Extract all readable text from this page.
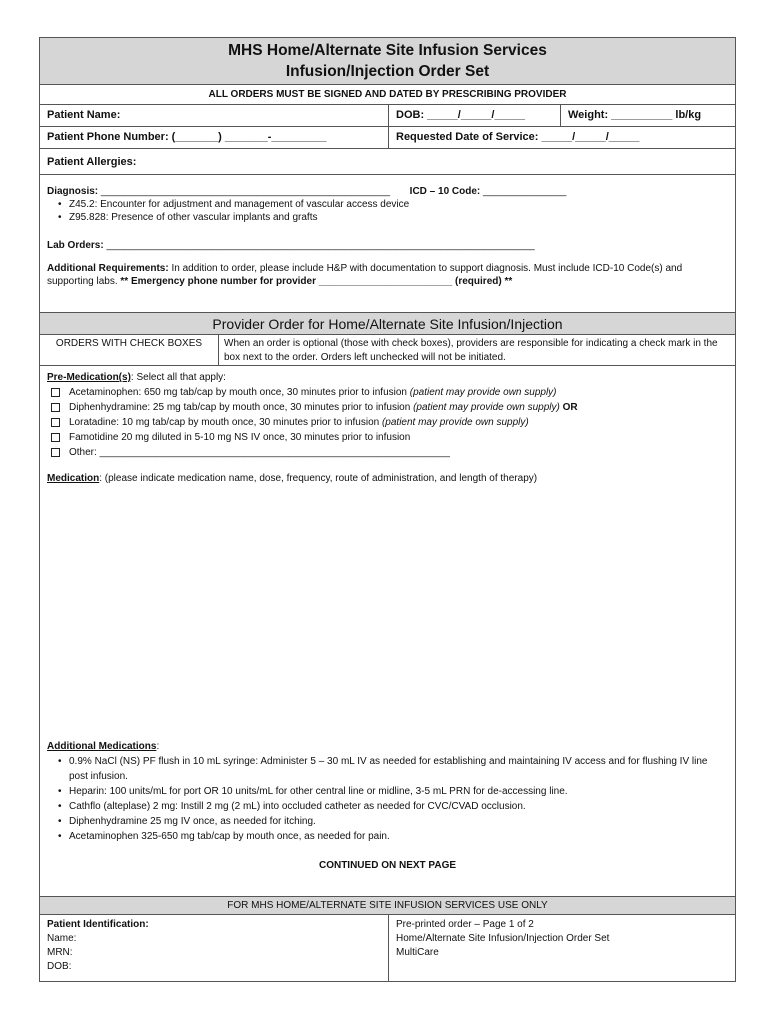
MHS Home/Alternate Site Infusion Services
Infusion/Injection Order Set
ALL ORDERS MUST BE SIGNED AND DATED BY PRESCRIBING PROVIDER
Patient Name:	DOB: _____/_____/_____	Weight: __________ lb/kg
Patient Phone Number: (_______) _______-_________	Requested Date of Service: _____/_____/_____
Patient Allergies:
Diagnosis: ____________________________________________________ ICD – 10 Code: _______________
• Z45.2: Encounter for adjustment and management of vascular access device
• Z95.828: Presence of other vascular implants and grafts
Lab Orders: _____________________________________________________________________________
Additional Requirements: In addition to order, please include H&P with documentation to support diagnosis. Must include ICD-10 Code(s) and supporting labs. ** Emergency phone number for provider ________________________ (required) **
Provider Order for Home/Alternate Site Infusion/Injection
ORDERS WITH CHECK BOXES	When an order is optional (those with check boxes), providers are responsible for indicating a check mark in the box next to the order. Orders left unchecked will not be initiated.
Pre-Medication(s): Select all that apply:
Acetaminophen: 650 mg tab/cap by mouth once, 30 minutes prior to infusion (patient may provide own supply)
Diphenhydramine: 25 mg tab/cap by mouth once, 30 minutes prior to infusion (patient may provide own supply) OR
Loratadine: 10 mg tab/cap by mouth once, 30 minutes prior to infusion (patient may provide own supply)
Famotidine 20 mg diluted in 5-10 mg NS IV once, 30 minutes prior to infusion
Other: _______________________________________________________________
Medication: (please indicate medication name, dose, frequency, route of administration, and length of therapy)
Additional Medications:
• 0.9% NaCl (NS) PF flush in 10 mL syringe: Administer 5 – 30 mL IV as needed for establishing and maintaining IV access and for flushing IV line post infusion.
• Heparin: 100 units/mL for port OR 10 units/mL for other central line or midline, 3-5 mL PRN for de-accessing line.
• Cathflo (alteplase) 2 mg: Instill 2 mg (2 mL) into occluded catheter as needed for CVC/CVAD occlusion.
• Diphenhydramine 25 mg IV once, as needed for itching.
• Acetaminophen 325-650 mg tab/cap by mouth once, as needed for pain.
CONTINUED ON NEXT PAGE
FOR MHS HOME/ALTERNATE SITE INFUSION SERVICES USE ONLY
Patient Identification:
Name:
MRN:
DOB:
Pre-printed order – Page 1 of 2
Home/Alternate Site Infusion/Injection Order Set
MultiCare
